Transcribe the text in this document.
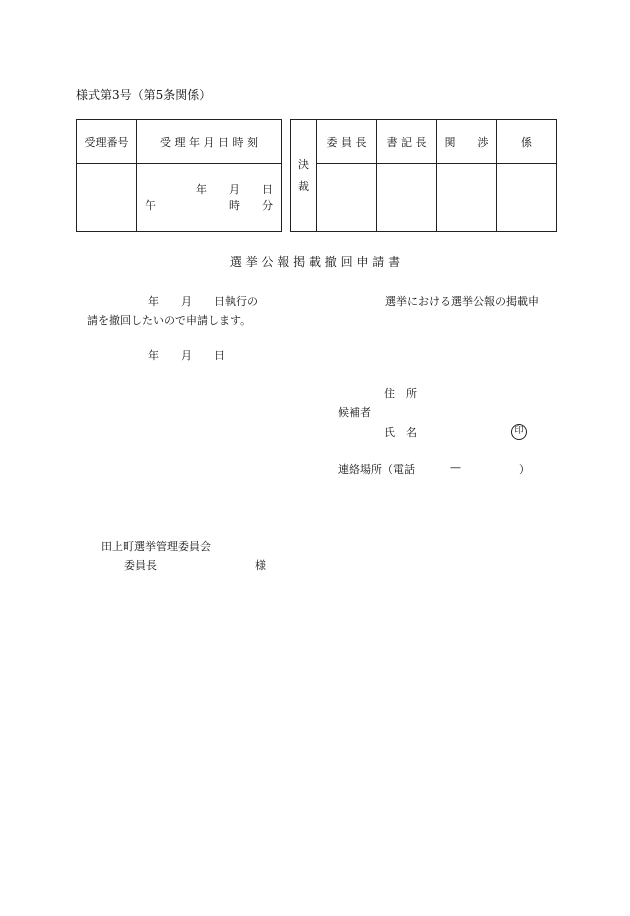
様式第3号（第5条関係）
受理番号	受 理 年 月 日 時 刻

	年　　月　　日
午 時　　分
決
裁	委 員 長	書 記 長	関　　渉	係

選 挙 公 報 掲 載 撤 回 申 請 書
年　　月　　日執行の	選挙における選挙公報の掲載申
請を撤回したいので申請します。
年　　月　　日
住　所
候補者
氏　名	印
連絡場所（電話	—	）
田上町選挙管理委員会
委員長	様
